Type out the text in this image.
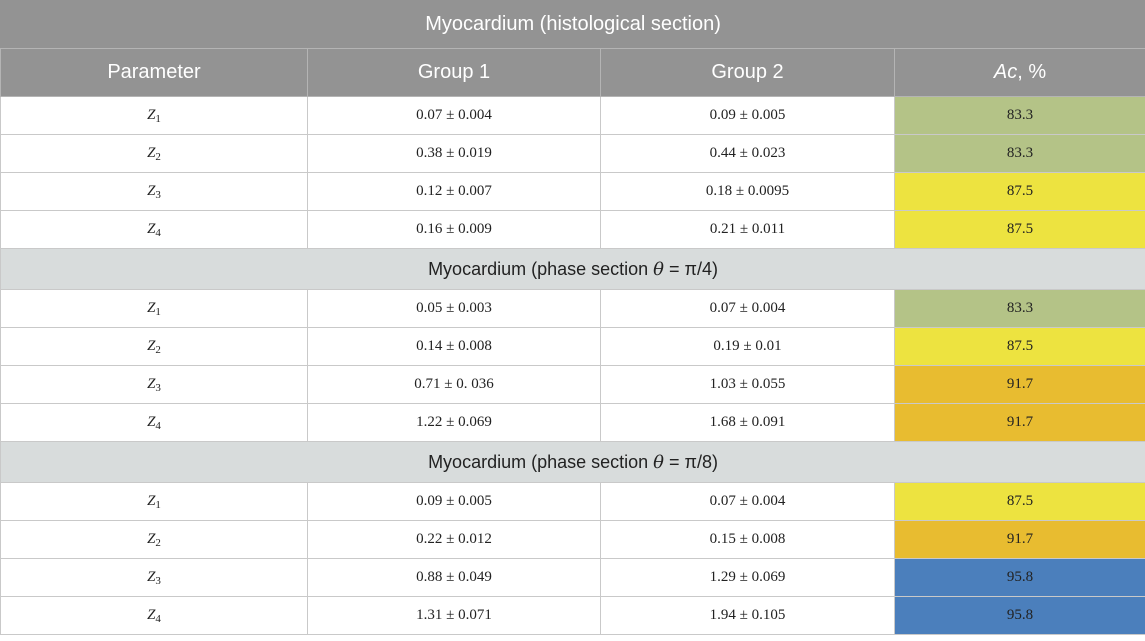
Myocardium (histological section)			
Parameter	Group 1	Group 2	Ac, %
$Z_1$	0.07 ± 0.004	0.09 ± 0.005	83.3
$Z_2$	0.38 ± 0.019	0.44 ± 0.023	83.3
$Z_3$	0.12 ± 0.007	0.18 ± 0.0095	87.5
$Z_4$	0.16 ± 0.009	0.21 ± 0.011	87.5
Myocardium (phase section θ = π/4)			
$Z_1$	0.05 ± 0.003	0.07 ± 0.004	83.3
$Z_2$	0.14 ± 0.008	0.19 ± 0.01	87.5
$Z_3$	0.71 ± 0. 036	1.03 ± 0.055	91.7
$Z_4$	1.22 ± 0.069	1.68 ± 0.091	91.7
Myocardium (phase section θ = π/8)			
$Z_1$	0.09 ± 0.005	0.07 ± 0.004	87.5
$Z_2$	0.22 ± 0.012	0.15 ± 0.008	91.7
$Z_3$	0.88 ± 0.049	1.29 ± 0.069	95.8
$Z_4$	1.31 ± 0.071	1.94 ± 0.105	95.8
